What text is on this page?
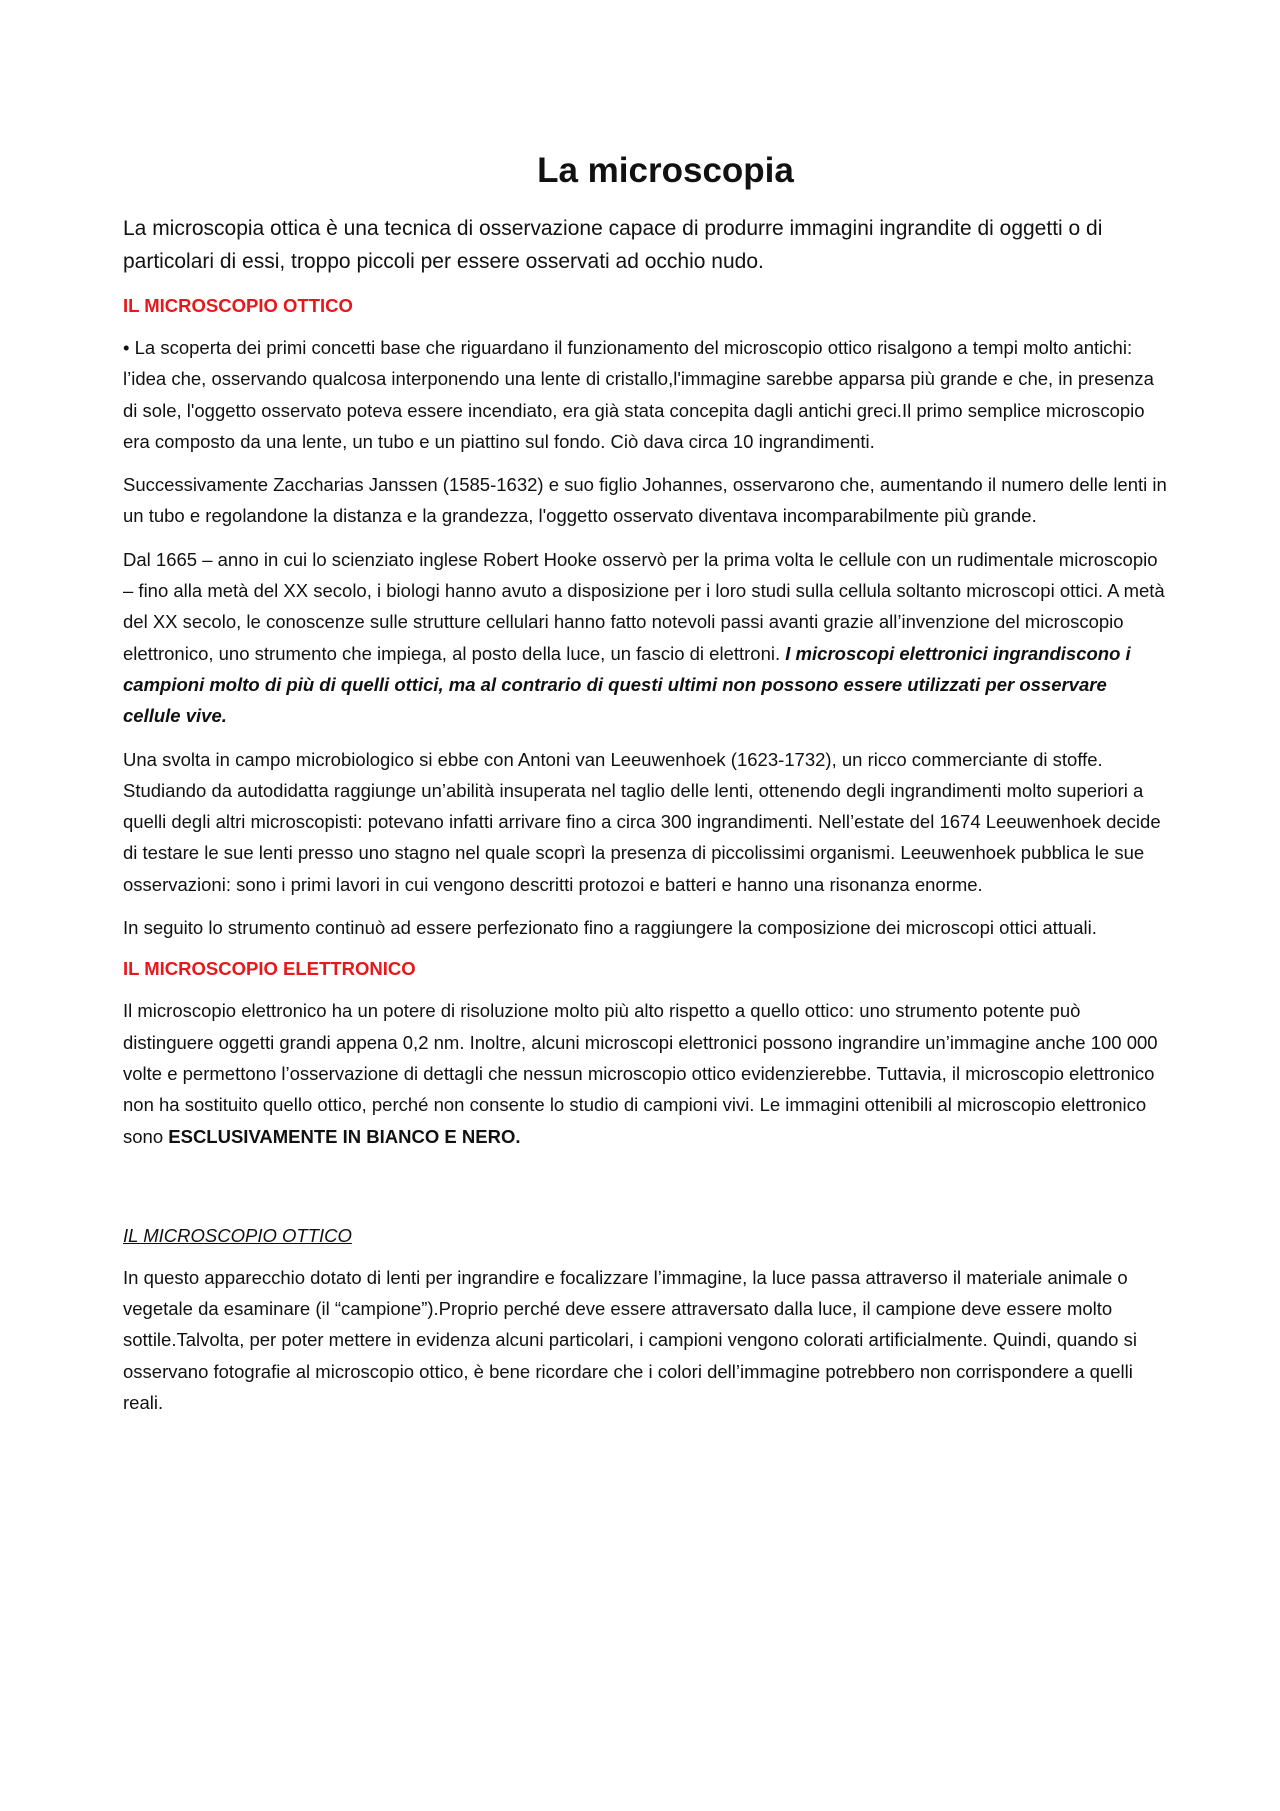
La microscopia

La microscopia ottica è una tecnica di osservazione capace di produrre immagini ingrandite di oggetti o di particolari di essi, troppo piccoli per essere osservati ad occhio nudo.

IL MICROSCOPIO OTTICO

• La scoperta dei primi concetti base che riguardano il funzionamento del microscopio ottico risalgono a tempi molto antichi: l’idea che, osservando qualcosa interponendo una lente di cristallo,l'immagine sarebbe apparsa più grande e che, in presenza di sole, l'oggetto osservato poteva essere incendiato, era già stata concepita dagli antichi greci.Il primo semplice microscopio era composto da una lente, un tubo e un piattino sul fondo. Ciò dava circa 10 ingrandimenti.

Successivamente Zaccharias Janssen (1585-1632) e suo figlio Johannes, osservarono che, aumentando il numero delle lenti in un tubo e regolandone la distanza e la grandezza, l'oggetto osservato diventava incomparabilmente più grande.

Dal 1665 – anno in cui lo scienziato inglese Robert Hooke osservò per la prima volta le cellule con un rudimentale microscopio – fino alla metà del XX secolo, i biologi hanno avuto a disposizione per i loro studi sulla cellula soltanto microscopi ottici. A metà del XX secolo, le conoscenze sulle strutture cellulari hanno fatto notevoli passi avanti grazie all’invenzione del microscopio elettronico, uno strumento che impiega, al posto della luce, un fascio di elettroni. I microscopi elettronici ingrandiscono i campioni molto di più di quelli ottici, ma al contrario di questi ultimi non possono essere utilizzati per osservare cellule vive.

Una svolta in campo microbiologico si ebbe con Antoni van Leeuwenhoek (1623-1732), un ricco commerciante di stoffe. Studiando da autodidatta raggiunge un’abilità insuperata nel taglio delle lenti, ottenendo degli ingrandimenti molto superiori a quelli degli altri microscopisti: potevano infatti arrivare fino a circa 300 ingrandimenti. Nell’estate del 1674 Leeuwenhoek decide di testare le sue lenti presso uno stagno nel quale scoprì la presenza di piccolissimi organismi. Leeuwenhoek pubblica le sue osservazioni: sono i primi lavori in cui vengono descritti protozoi e batteri e hanno una risonanza enorme.

In seguito lo strumento continuò ad essere perfezionato fino a raggiungere la composizione dei microscopi ottici attuali.

IL MICROSCOPIO ELETTRONICO

Il microscopio elettronico ha un potere di risoluzione molto più alto rispetto a quello ottico: uno strumento potente può distinguere oggetti grandi appena 0,2 nm. Inoltre, alcuni microscopi elettronici possono ingrandire un’immagine anche 100 000 volte e permettono l’osservazione di dettagli che nessun microscopio ottico evidenzierebbe. Tuttavia, il microscopio elettronico non ha sostituito quello ottico, perché non consente lo studio di campioni vivi. Le immagini ottenibili al microscopio elettronico sono ESCLUSIVAMENTE IN BIANCO E NERO.

IL MICROSCOPIO OTTICO

In questo apparecchio dotato di lenti per ingrandire e focalizzare l’immagine, la luce passa attraverso il materiale animale o vegetale da esaminare (il “campione”).Proprio perché deve essere attraversato dalla luce, il campione deve essere molto sottile.Talvolta, per poter mettere in evidenza alcuni particolari, i campioni vengono colorati artificialmente. Quindi, quando si osservano fotografie al microscopio ottico, è bene ricordare che i colori dell’immagine potrebbero non corrispondere a quelli reali.
